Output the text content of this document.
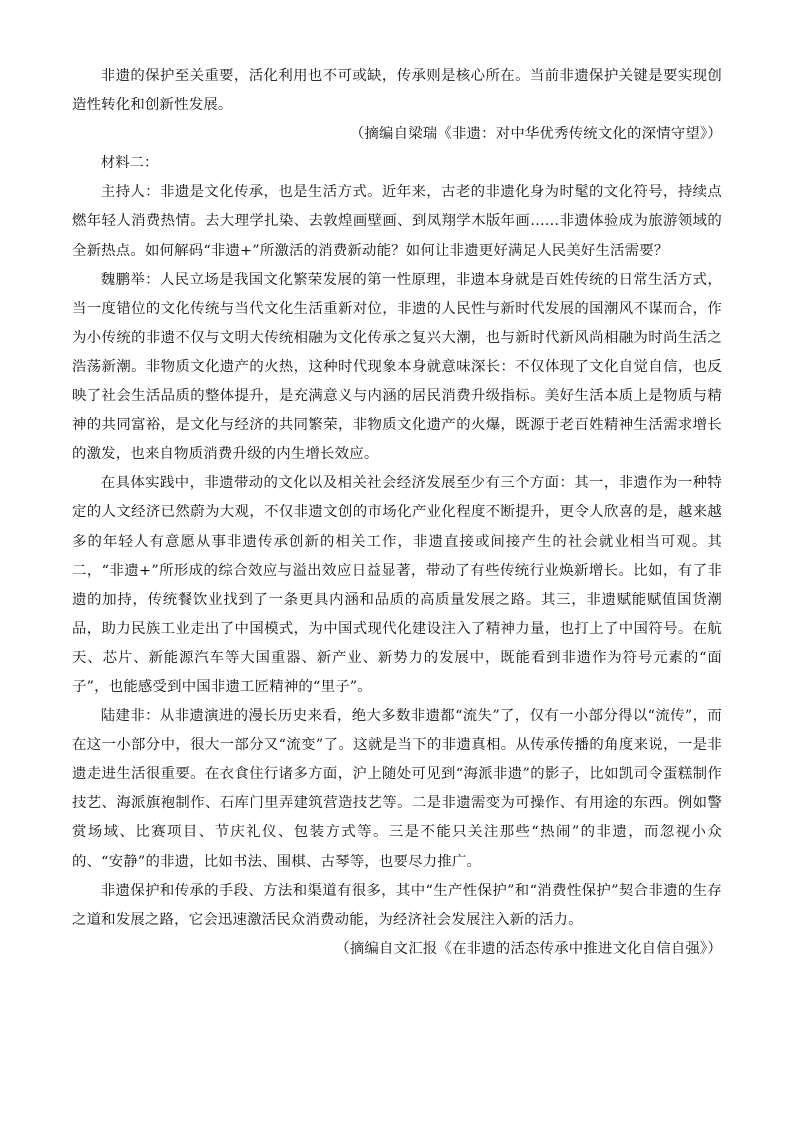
非遗的保护至关重要，活化利用也不可或缺，传承则是核心所在。当前非遗保护关键是要实现创造性转化和创新性发展。

（摘编自梁瑞《非遗：对中华优秀传统文化的深情守望》）

材料二：

主持人：非遗是文化传承，也是生活方式。近年来，古老的非遗化身为时髦的文化符号，持续点燃年轻人消费热情。去大理学扎染、去敦煌画壁画、到凤翔学木版年画……非遗体验成为旅游领域的全新热点。如何解码“非遗+”所激活的消费新动能？如何让非遗更好满足人民美好生活需要？

魏鹏举：人民立场是我国文化繁荣发展的第一性原理，非遗本身就是百姓传统的日常生活方式，当一度错位的文化传统与当代文化生活重新对位，非遗的人民性与新时代发展的国潮风不谋而合，作为小传统的非遗不仅与文明大传统相融为文化传承之复兴大潮，也与新时代新风尚相融为时尚生活之浩荡新潮。非物质文化遗产的火热，这种时代现象本身就意味深长：不仅体现了文化自觉自信，也反映了社会生活品质的整体提升，是充满意义与内涵的居民消费升级指标。美好生活本质上是物质与精神的共同富裕，是文化与经济的共同繁荣，非物质文化遗产的火爆，既源于老百姓精神生活需求增长的激发，也来自物质消费升级的内生增长效应。

在具体实践中，非遗带动的文化以及相关社会经济发展至少有三个方面：其一，非遗作为一种特定的人文经济已然蔚为大观，不仅非遗文创的市场化产业化程度不断提升，更令人欣喜的是，越来越多的年轻人有意愿从事非遗传承创新的相关工作，非遗直接或间接产生的社会就业相当可观。其二，“非遗+”所形成的综合效应与溢出效应日益显著，带动了有些传统行业焕新增长。比如，有了非遗的加持，传统餐饮业找到了一条更具内涵和品质的高质量发展之路。其三，非遗赋能赋值国货潮品，助力民族工业走出了中国模式，为中国式现代化建设注入了精神力量，也打上了中国符号。在航天、芯片、新能源汽车等大国重器、新产业、新势力的发展中，既能看到非遗作为符号元素的“面子”，也能感受到中国非遗工匠精神的“里子”。

陆建非：从非遗演进的漫长历史来看，绝大多数非遗都“流失”了，仅有一小部分得以“流传”，而在这一小部分中，很大一部分又“流变”了。这就是当下的非遗真相。从传承传播的角度来说，一是非遗走进生活很重要。在衣食住行诸多方面，沪上随处可见到“海派非遗”的影子，比如凯司令蛋糕制作技艺、海派旗袍制作、石库门里弄建筑营造技艺等。二是非遗需变为可操作、有用途的东西。例如警赏场域、比赛项目、节庆礼仪、包装方式等。三是不能只关注那些“热闹”的非遗，而忽视小众的、“安静”的非遗，比如书法、围棋、古琴等，也要尽力推广。

非遗保护和传承的手段、方法和渠道有很多，其中“生产性保护”和“消费性保护”契合非遗的生存之道和发展之路，它会迅速激活民众消费动能，为经济社会发展注入新的活力。

（摘编自文汇报《在非遗的活态传承中推进文化自信自强》）
